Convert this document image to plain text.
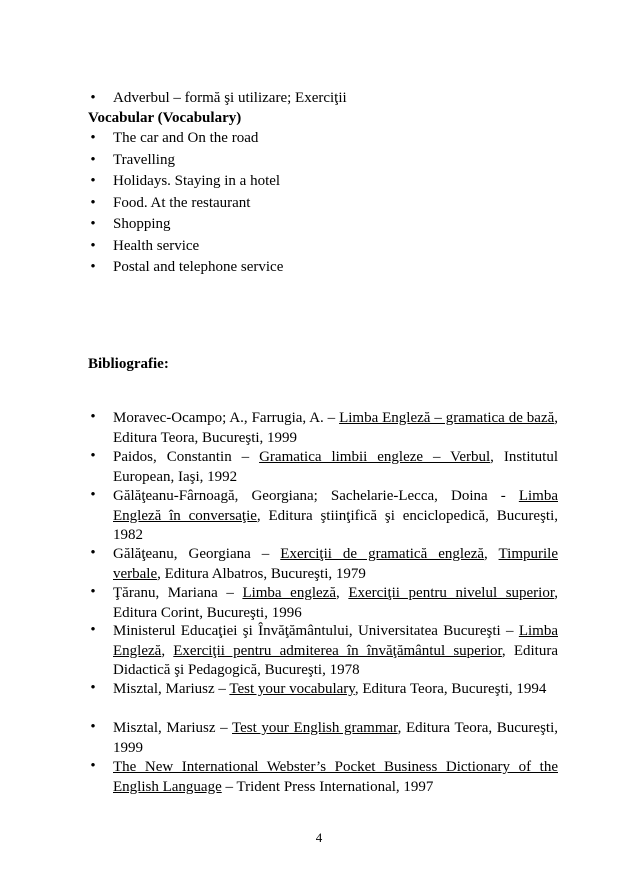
• Adverbul – formă şi utilizare; Exerciţii
Vocabular (Vocabulary)
• The car and On the road
• Travelling
• Holidays. Staying in a hotel
• Food. At the restaurant
• Shopping
• Health service
• Postal and telephone service
Bibliografie:
• Moravec-Ocampo; A., Farrugia, A. – Limba Engleză – gramatica de bază, Editura Teora, Bucureşti, 1999
• Paidos, Constantin – Gramatica limbii engleze – Verbul, Institutul European, Iaşi, 1992
• Gălăţeanu-Fârnoagă, Georgiana; Sachelarie-Lecca, Doina - Limba Engleză în conversaţie, Editura ştiinţifică şi enciclopedică, Bucureşti, 1982
• Gălăţeanu, Georgiana – Exerciţii de gramatică engleză, Timpurile verbale, Editura Albatros, Bucureşti, 1979
• Ţăranu, Mariana – Limba engleză, Exerciţii pentru nivelul superior, Editura Corint, Bucureşti, 1996
• Ministerul Educaţiei şi Învăţământului, Universitatea Bucureşti – Limba Engleză, Exerciţii pentru admiterea în învăţământul superior, Editura Didactică şi Pedagogică, Bucureşti, 1978
• Misztal, Mariusz – Test your vocabulary, Editura Teora, Bucureşti, 1994
• Misztal, Mariusz – Test your English grammar, Editura Teora, Bucureşti, 1999
• The New International Webster’s Pocket Business Dictionary of the English Language – Trident Press International, 1997
4
